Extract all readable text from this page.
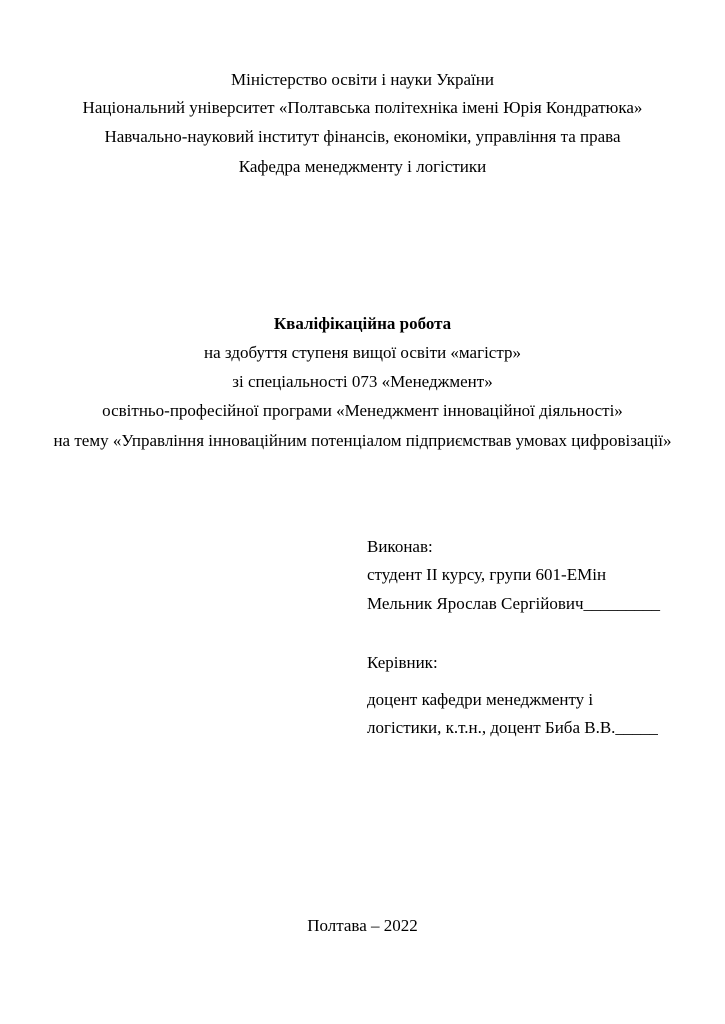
Міністерство освіти і науки України
Національний університет «Полтавська політехніка імені Юрія Кондратюка»
Навчально-науковий інститут фінансів, економіки, управління та права
Кафедра менеджменту і логістики
Кваліфікаційна робота
на здобуття ступеня вищої освіти «магістр»
зі спеціальності 073 «Менеджмент»
освітньо-професійної програми «Менеджмент інноваційної діяльності»
на тему «Управління інноваційним потенціалом підприємствав умовах цифровізації»
Виконав:
студент ІІ курсу, групи 601-ЕМін
Мельник Ярослав Сергійович_________
Керівник:
доцент кафедри менеджменту і
логістики, к.т.н., доцент Биба В.В._____
Полтава – 2022
